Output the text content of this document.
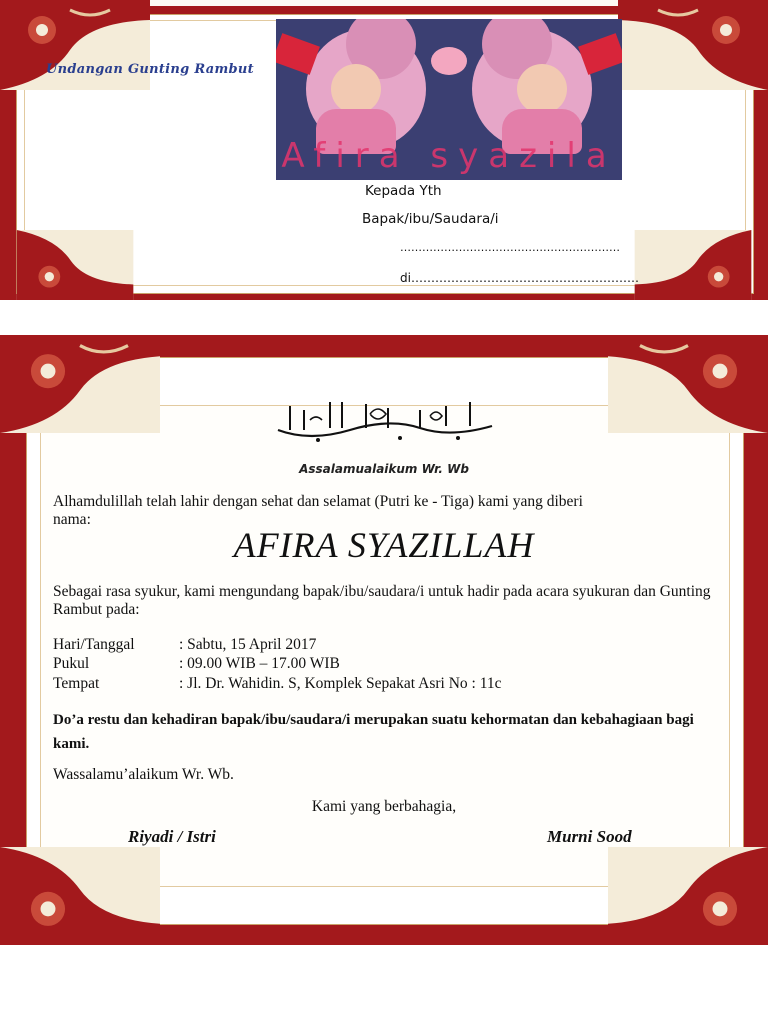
Undangan Gunting Rambut
Afira syazila
Kepada Yth
Bapak/ibu/Saudara/i
……………………………………………………
di…………………………………………………
Assalamualaikum Wr. Wb
Alhamdulillah telah lahir dengan sehat dan selamat (Putri ke - Tiga) kami yang diberi nama:
AFIRA SYAZILLAH
Sebagai rasa syukur, kami mengundang bapak/ibu/saudara/i untuk hadir pada acara syukuran dan Gunting Rambut pada:
Hari/Tanggal	: Sabtu, 15 April 2017
Pukul	: 09.00 WIB – 17.00 WIB
Tempat	: Jl. Dr. Wahidin. S, Komplek Sepakat Asri No : 11c
Do’a restu dan kehadiran bapak/ibu/saudara/i merupakan suatu kehormatan dan kebahagiaan bagi kami.
Wassalamu’alaikum Wr. Wb.
Kami yang berbahagia,
Riyadi / Istri	Murni Sood
